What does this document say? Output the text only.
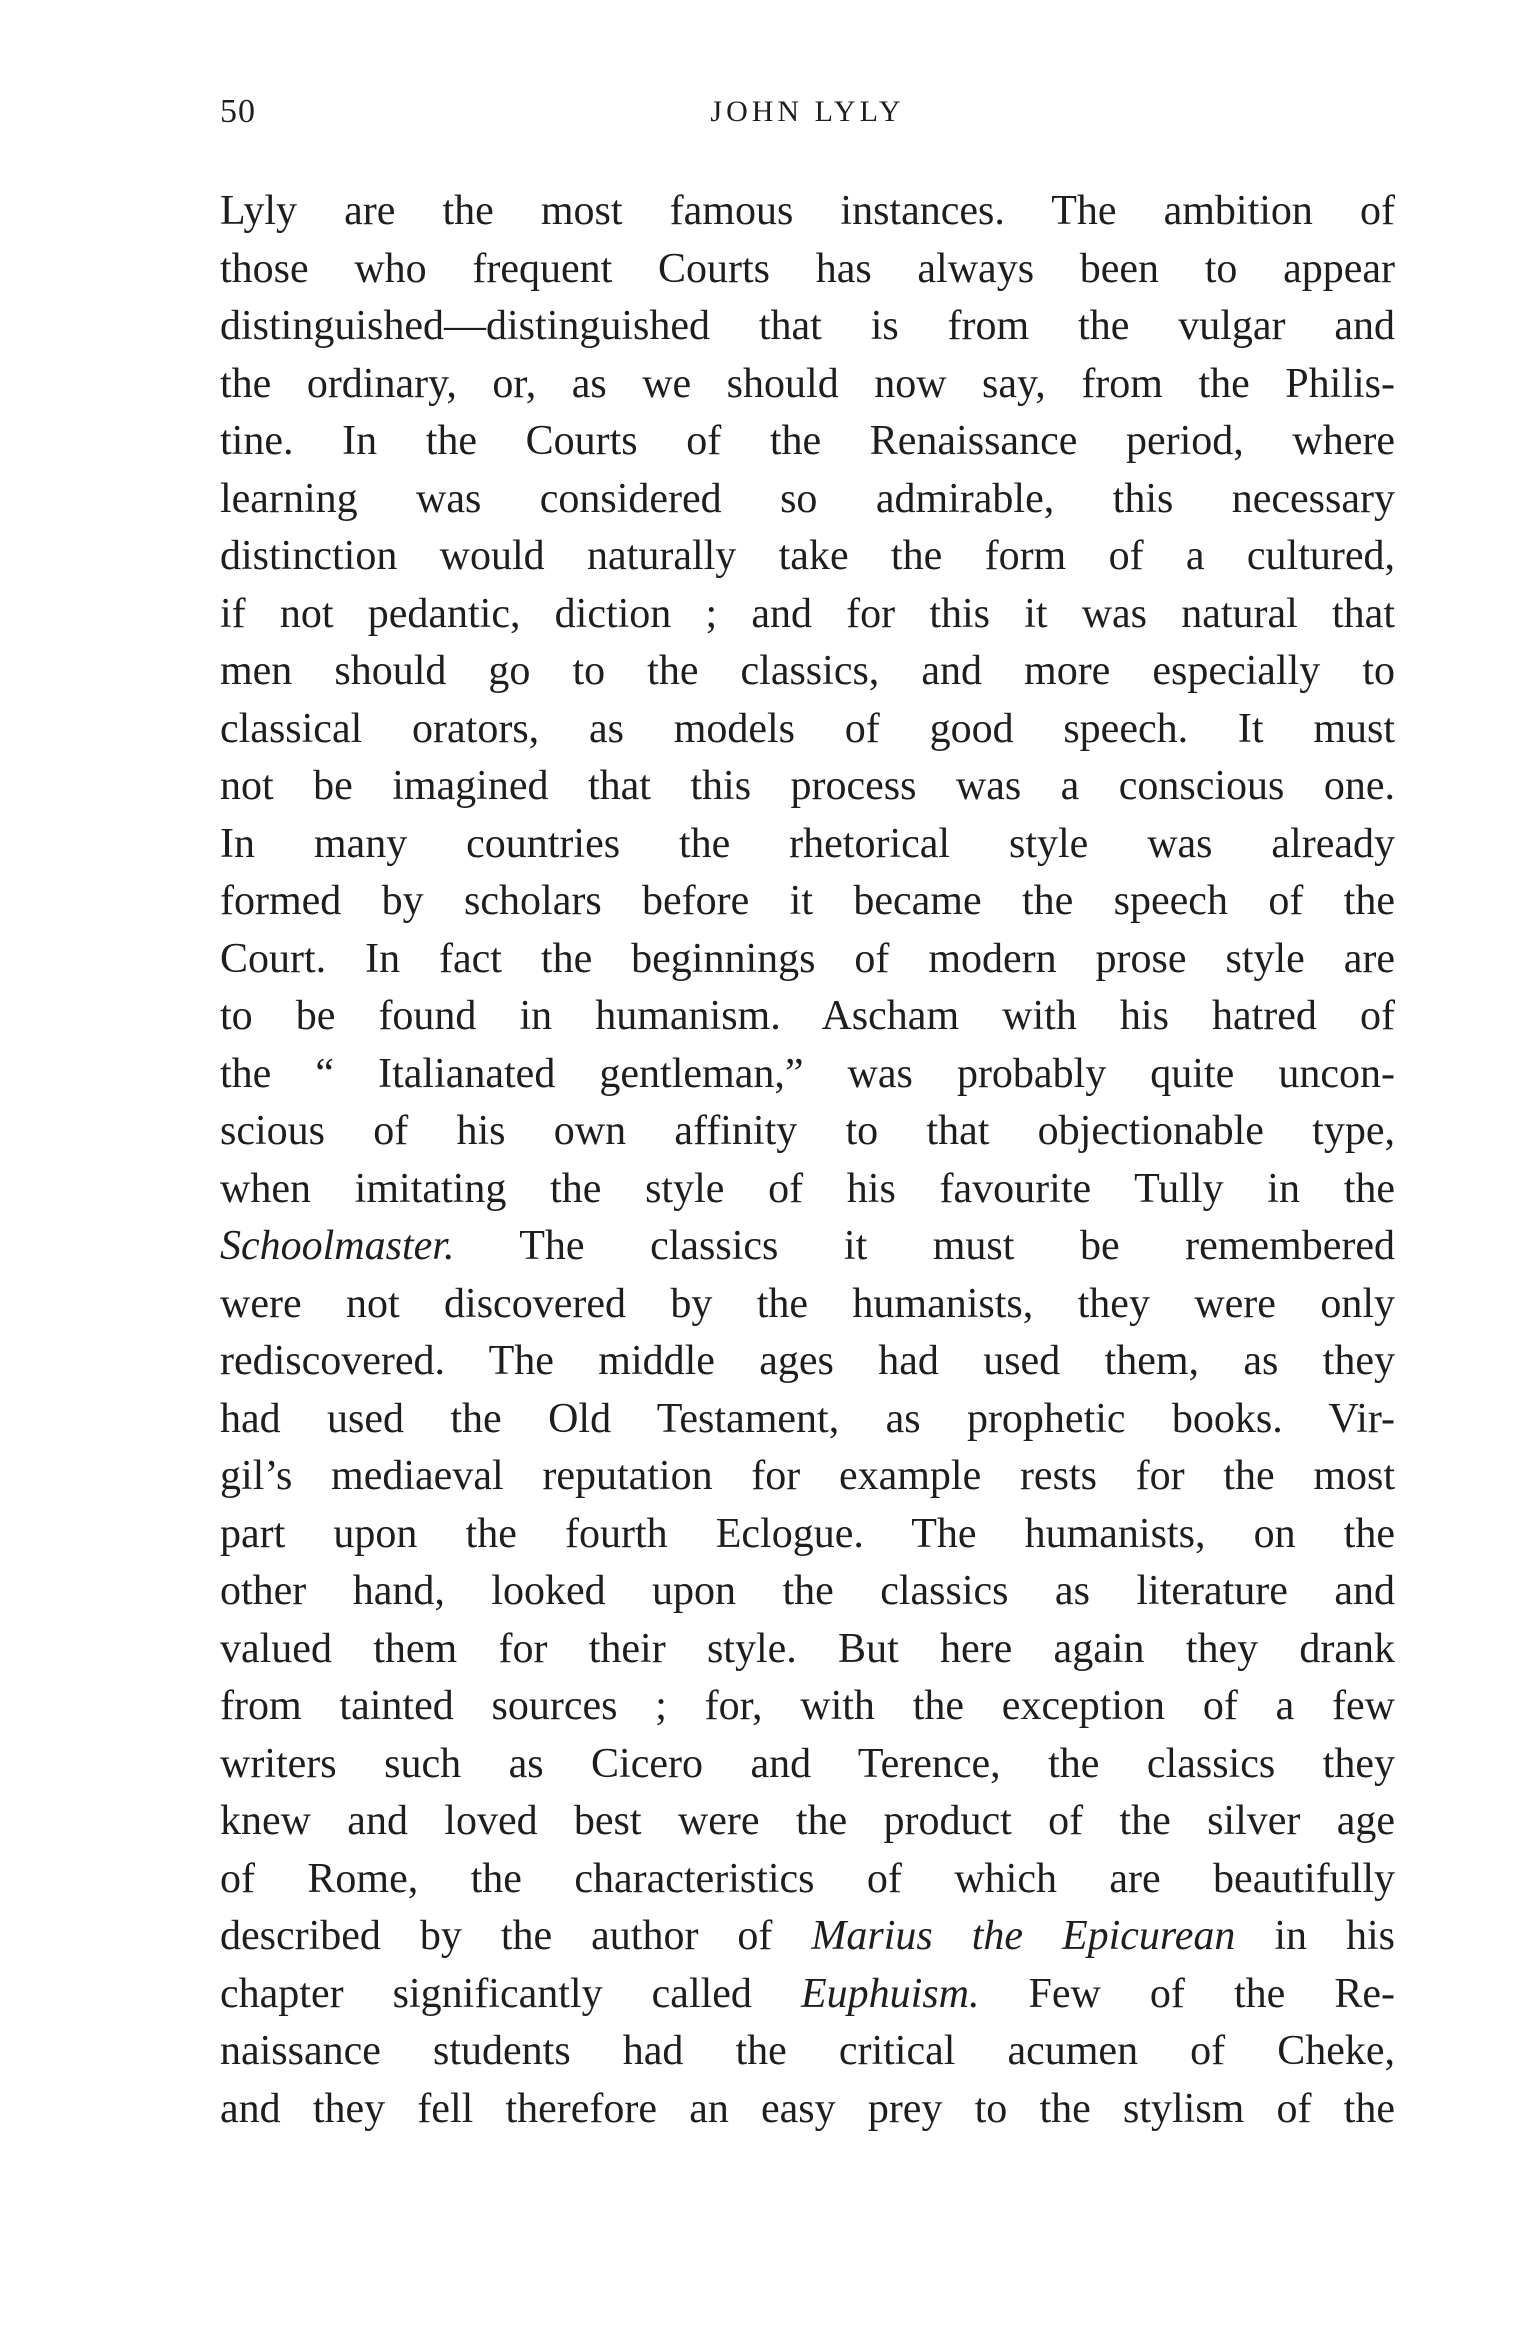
50	JOHN LYLY
Lyly are the most famous instances. The ambition of
those who frequent Courts has always been to appear
distinguished—distinguished that is from the vulgar and
the ordinary, or, as we should now say, from the Philis-
tine. In the Courts of the Renaissance period, where
learning was considered so admirable, this necessary
distinction would naturally take the form of a cultured,
if not pedantic, diction ; and for this it was natural that
men should go to the classics, and more especially to
classical orators, as models of good speech. It must
not be imagined that this process was a conscious one.
In many countries the rhetorical style was already
formed by scholars before it became the speech of the
Court. In fact the beginnings of modern prose style are
to be found in humanism. Ascham with his hatred of
the “ Italianated gentleman,” was probably quite uncon-
scious of his own affinity to that objectionable type,
when imitating the style of his favourite Tully in the
Schoolmaster. The classics it must be remembered
were not discovered by the humanists, they were only
rediscovered. The middle ages had used them, as they
had used the Old Testament, as prophetic books. Vir-
gil’s mediaeval reputation for example rests for the most
part upon the fourth Eclogue. The humanists, on the
other hand, looked upon the classics as literature and
valued them for their style. But here again they drank
from tainted sources ; for, with the exception of a few
writers such as Cicero and Terence, the classics they
knew and loved best were the product of the silver age
of Rome, the characteristics of which are beautifully
described by the author of Marius the Epicurean in his
chapter significantly called Euphuism. Few of the Re-
naissance students had the critical acumen of Cheke,
and they fell therefore an easy prey to the stylism of the
